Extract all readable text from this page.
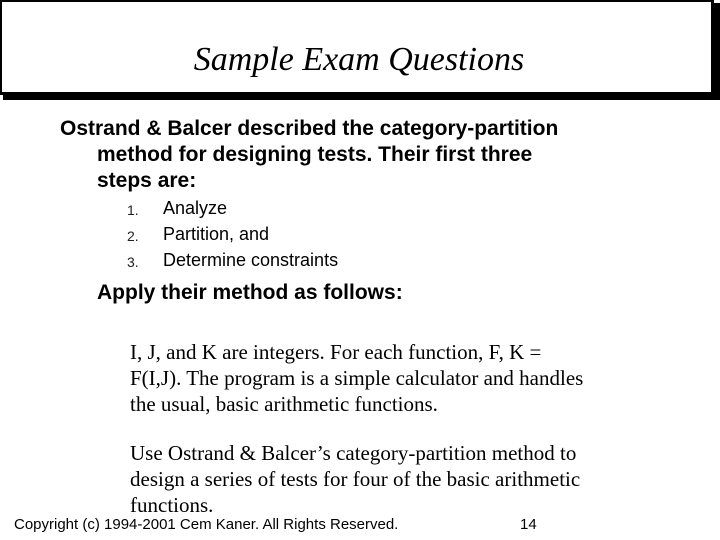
Sample Exam Questions
Ostrand & Balcer described the category-partition
method for designing tests. Their first three
steps are:
1. Analyze
2. Partition, and
3. Determine constraints
Apply their method as follows:
I, J, and K are integers. For each function, F, K =
F(I,J). The program is a simple calculator and handles
the usual, basic arithmetic functions.
Use Ostrand & Balcer’s category-partition method to
design a series of tests for four of the basic arithmetic
functions.
Copyright (c) 1994-2001 Cem Kaner. All Rights Reserved.	14
